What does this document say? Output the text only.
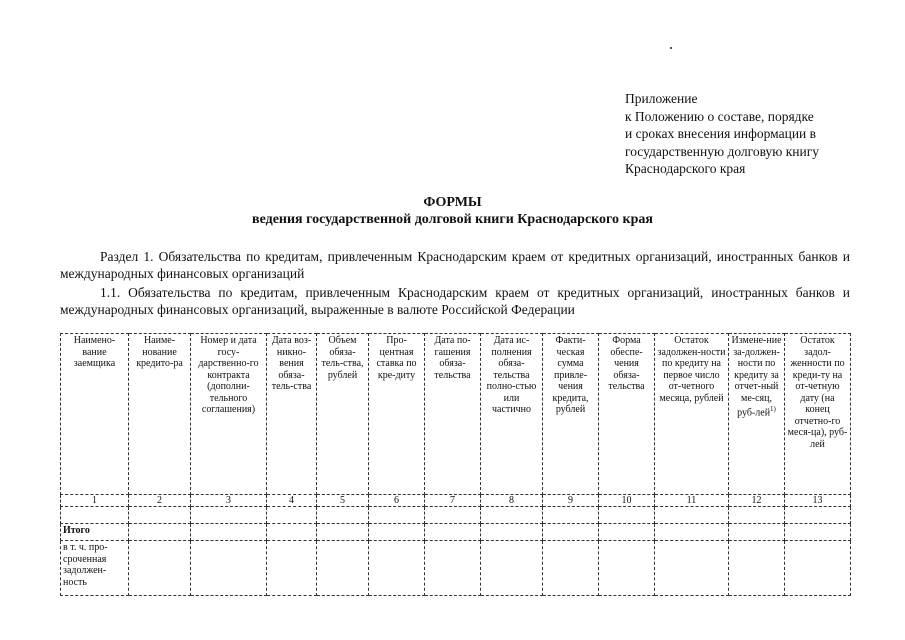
Приложение
к Положению о составе, порядке
и сроках внесения информации в
государственную долговую книгу
Краснодарского края
ФОРМЫ
ведения государственной долговой книги Краснодарского края
Раздел 1. Обязательства по кредитам, привлеченным Краснодарским краем от кредитных организаций, иностранных банков и международных финансовых организаций
1.1. Обязательства по кредитам, привлеченным Краснодарским краем от кредитных организаций, иностранных банков и международных финансовых организаций, выраженные в валюте Российской Федерации
Наимено-вание заемщика	Наиме-нование кредито-ра	Номер и дата госу-дарственно-го контракта (дополни-тельного соглашения)	Дата воз-никно-вения обяза-тель-ства	Объем обяза-тель-ства, рублей	Про-центная ставка по кре-диту	Дата по-гашения обяза-тельства	Дата ис-полнения обяза-тельства полно-стью или частично	Факти-ческая сумма привле-чения кредита, рублей	Форма обеспе-чения обяза-тельства	Остаток задолжен-ности по кредиту на первое число от-четного месяца, рублей	Измене-ние за-должен-ности по кредиту за отчет-ный ме-сяц, руб-лей$^{1)}$	Остаток задол-женности по креди-ту на от-четную дату (на конец отчетно-го меся-ца), руб-лей
1	2	3	4	5	6	7	8	9	10	11	12	13

Итого												
в т. ч. про-сроченная задолжен-ность												
